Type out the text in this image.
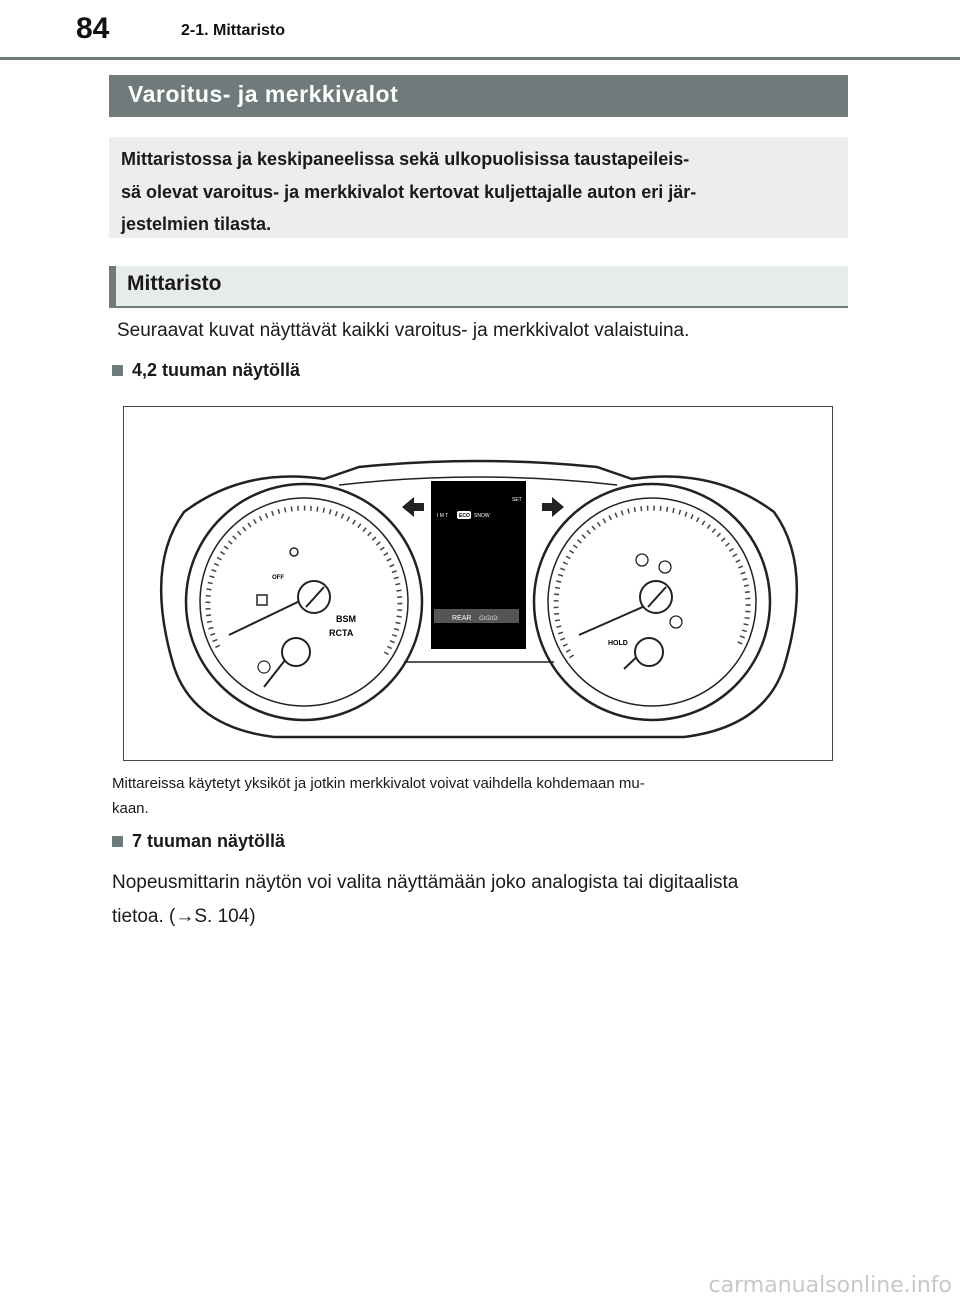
84	2-1. Mittaristo
Varoitus- ja merkkivalot
Mittaristossa ja keskipaneelissa sekä ulkopuolisissa taustapeileis-
sä olevat varoitus- ja merkkivalot kertovat kuljettajalle auton eri jär-
jestelmien tilasta.
Mittaristo
Seuraavat kuvat näyttävät kaikki varoitus- ja merkkivalot valaistuina.
4,2 tuuman näytöllä
BSM
RCTA
OFF
HOLD
I M T ECO SNOW
SET
REAR ɷɷɷ
Mittareissa käytetyt yksiköt ja jotkin merkkivalot voivat vaihdella kohdemaan mu-
kaan.
7 tuuman näytöllä
Nopeusmittarin näytön voi valita näyttämään joko analogista tai digitaalista
tietoa. (→S. 104)
carmanualsonline.info
